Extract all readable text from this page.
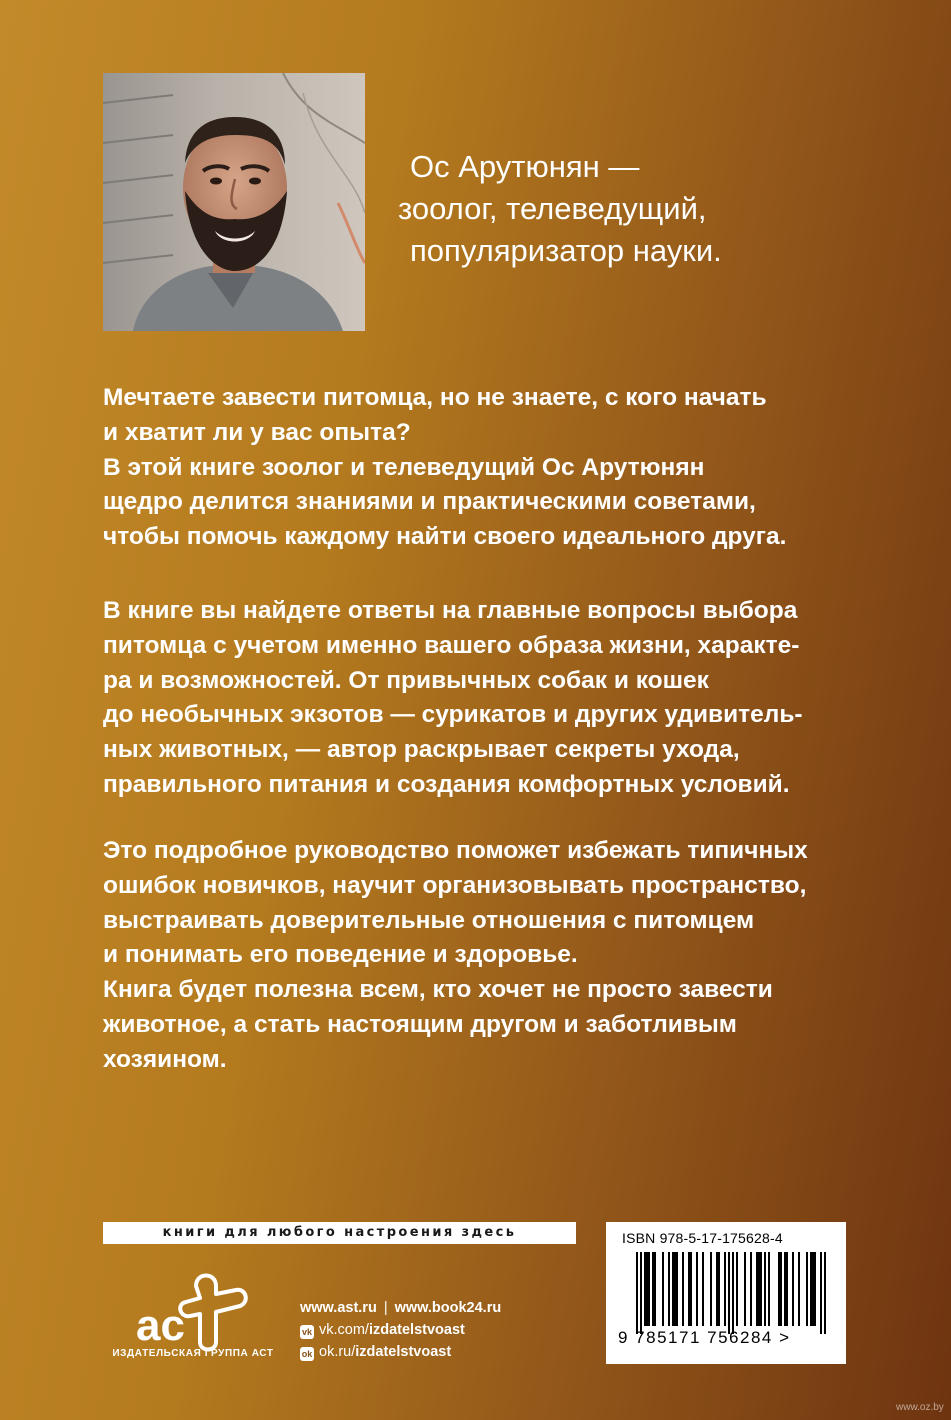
Ос Арутюнян —
зоолог, телеведущий,
популяризатор науки.
Мечтаете завести питомца, но не знаете, с кого начать
и хватит ли у вас опыта?
В этой книге зоолог и телеведущий Ос Арутюнян
щедро делится знаниями и практическими советами,
чтобы помочь каждому найти своего идеального друга.
В книге вы найдете ответы на главные вопросы выбора
питомца с учетом именно вашего образа жизни, характе-
ра и возможностей. От привычных собак и кошек
до необычных экзотов — сурикатов и других удивитель-
ных животных, — автор раскрывает секреты ухода,
правильного питания и создания комфортных условий.
Это подробное руководство поможет избежать типичных
ошибок новичков, научит организовывать пространство,
выстраивать доверительные отношения с питомцем
и понимать его поведение и здоровье.
Книга будет полезна всем, кто хочет не просто завести
животное, а стать настоящим другом и заботливым
хозяином.
книги для любого настроения здесь
ас
ИЗДАТЕЛЬСКАЯ ГРУППА АСТ
www.ast.ru | www.book24.ru
vk vk.com/ izdatelstvoast
ok ok.ru/ izdatelstvoast
ISBN 978-5-17-175628-4
9 785171 756284 >
www.oz.by
